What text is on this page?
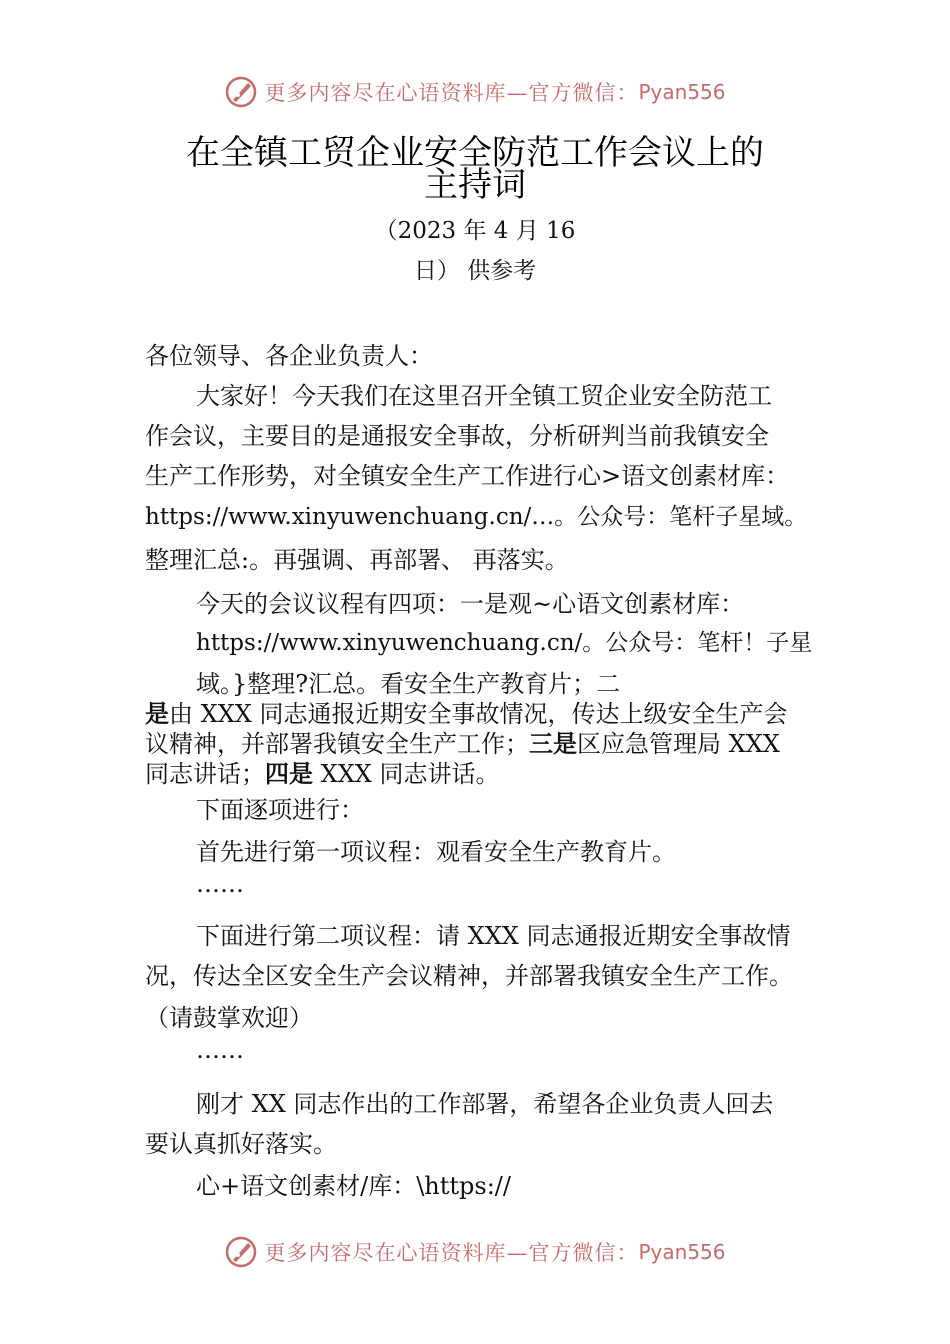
更多内容尽在心语资料库—官方微信： Pyan556
在全镇工贸企业安全防范工作会议上的
主持词
（2023 年 4 月 16
日） 供参考
各位领导、各企业负责人：
大家好！今天我们在这里召开全镇工贸企业安全防范工
作会议，主要目的是通报安全事故，分析研判当前我镇安全
生产工作形势，对全镇安全生产工作进行心>语文创素材库：
https://www.xinyuwenchuang.cn/…。公众号：笔杆子星域。
整理汇总:。再强调、再部署、 再落实。
今天的会议议程有四项：一是观~心语文创素材库：
https://www.xinyuwenchuang.cn/。公众号：笔杆！子星
域。}整理?汇总。看安全生产教育片；二
是由 XXX 同志通报近期安全事故情况，传达上级安全生产会
议精神，并部署我镇安全生产工作；三是区应急管理局 XXX
同志讲话；四是 XXX 同志讲话。
下面逐项进行：
首先进行第一项议程：观看安全生产教育片。
……
下面进行第二项议程：请 XXX 同志通报近期安全事故情
况，传达全区安全生产会议精神，并部署我镇安全生产工作。
（请鼓掌欢迎）
……
刚才 XX 同志作出的工作部署，希望各企业负责人回去
要认真抓好落实。
心+语文创素材/库：\https://
更多内容尽在心语资料库—官方微信： Pyan556
